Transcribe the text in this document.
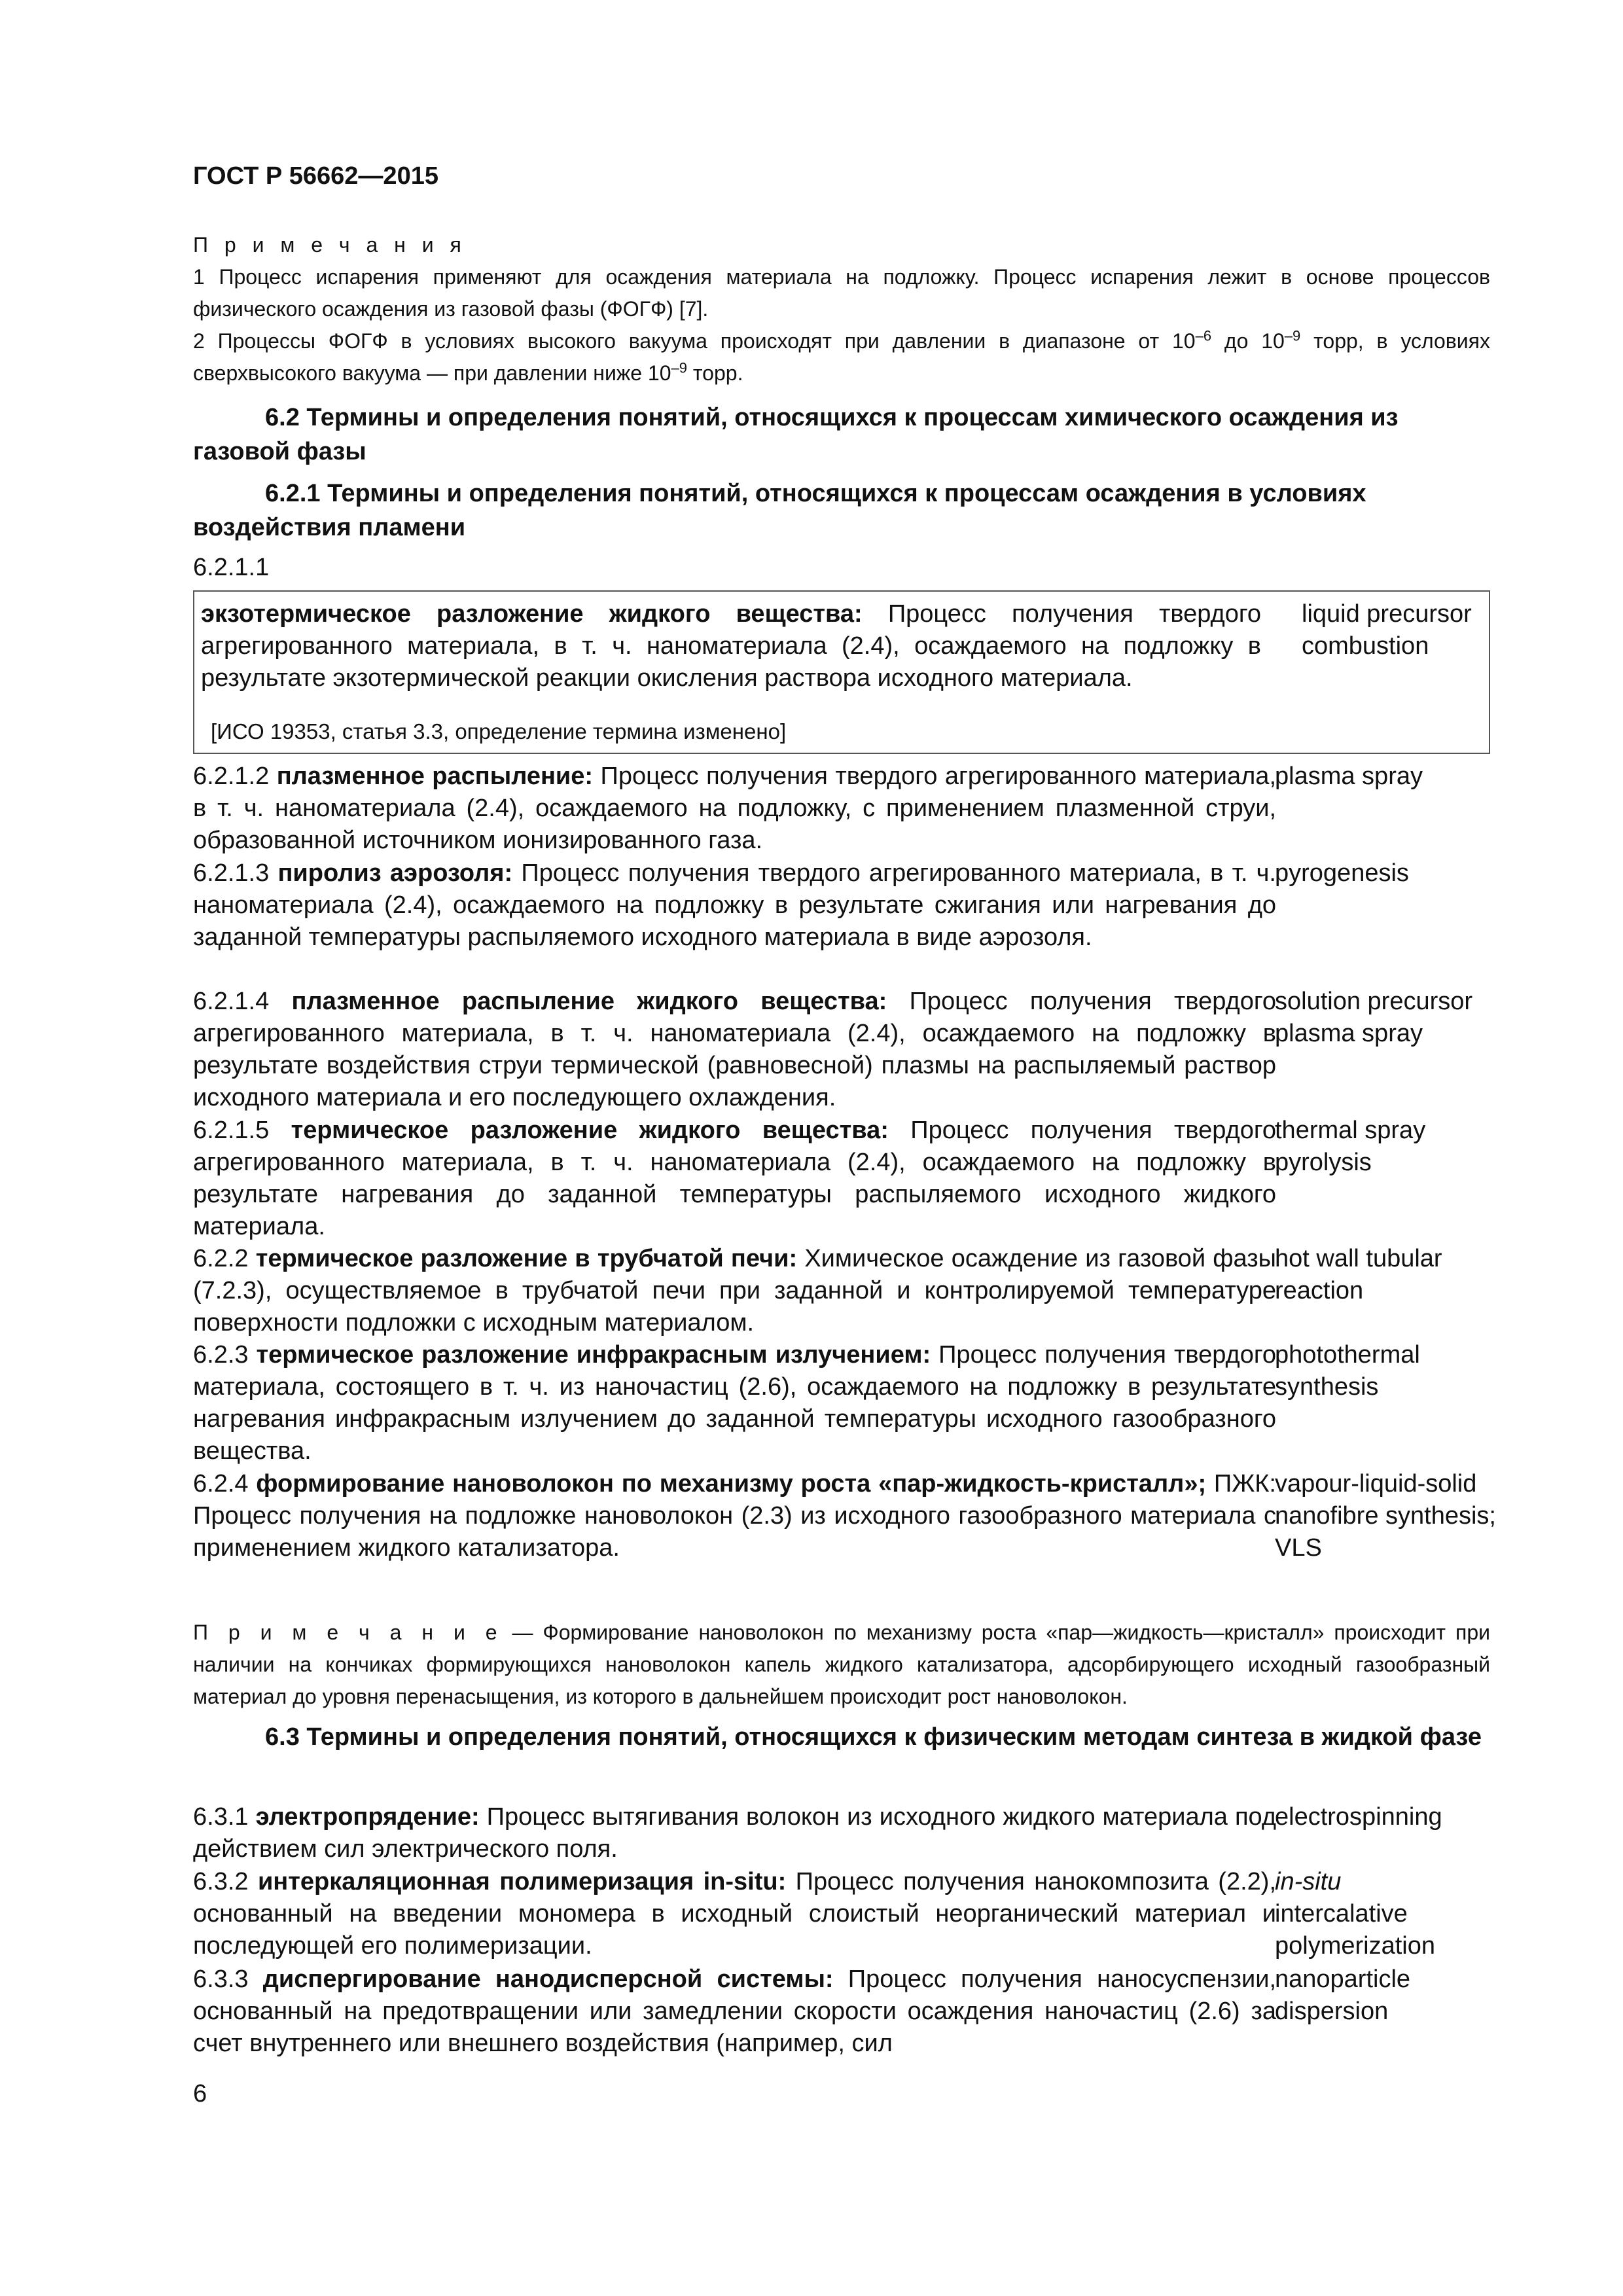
ГОСТ Р 56662—2015
П р и м е ч а н и я
1 Процесс испарения применяют для осаждения материала на подложку. Процесс испарения лежит в основе процессов физического осаждения из газовой фазы (ФОГФ) [7].
2 Процессы ФОГФ в условиях высокого вакуума происходят при давлении в диапазоне от $10^{-6}$ до $10^{-9}$ торр, в условиях сверхвысокого вакуума — при давлении ниже $10^{-9}$ торр.
6.2 Термины и определения понятий, относящихся к процессам химического осаждения из газовой фазы
6.2.1 Термины и определения понятий, относящихся к процессам осаждения в условиях воздействия пламени
6.2.1.1
экзотермическое разложение жидкого вещества: Процесс получения твердого агрегированного материала, в т. ч. наноматериала (2.4), осаждаемого на подложку в результате экзотермической реакции окисления раствора исходного материала.
liquid precursor combustion
[ИСО 19353, статья 3.3, определение термина изменено]
6.2.1.2 плазменное распыление: Процесс получения твердого агрегированного материала, в т. ч. наноматериала (2.4), осаждаемого на подложку, с применением плазменной струи, образованной источником ионизированного газа.
plasma spray
6.2.1.3 пиролиз аэрозоля: Процесс получения твердого агрегированного материала, в т. ч. наноматериала (2.4), осаждаемого на подложку в результате сжигания или нагревания до заданной температуры распыляемого исходного материала в виде аэрозоля.
pyrogenesis
6.2.1.4 плазменное распыление жидкого вещества: Процесс получения твердого агрегированного материала, в т. ч. наноматериала (2.4), осаждаемого на подложку в результате воздействия струи термической (равновесной) плазмы на распыляемый раствор исходного материала и его последующего охлаждения.
solution precursor plasma spray
6.2.1.5 термическое разложение жидкого вещества: Процесс получения твердого агрегированного материала, в т. ч. наноматериала (2.4), осаждаемого на подложку в результате нагревания до заданной температуры распыляемого исходного жидкого материала.
thermal spray pyrolysis
6.2.2 термическое разложение в трубчатой печи: Химическое осаждение из газовой фазы (7.2.3), осуществляемое в трубчатой печи при заданной и контролируемой температуре поверхности подложки с исходным материалом.
hot wall tubular reaction
6.2.3 термическое разложение инфракрасным излучением: Процесс получения твердого материала, состоящего в т. ч. из наночастиц (2.6), осаждаемого на подложку в результате нагревания инфракрасным излучением до заданной температуры исходного газообразного вещества.
photothermal synthesis
6.2.4 формирование нановолокон по механизму роста «пар-жидкость-кристалл»; ПЖК: Процесс получения на подложке нановолокон (2.3) из исходного газообразного материала с применением жидкого катализатора.
vapour-liquid-solid nanofibre synthesis; VLS
П р и м е ч а н и е — Формирование нановолокон по механизму роста «пар—жидкость—кристалл» происходит при наличии на кончиках формирующихся нановолокон капель жидкого катализатора, адсорбирующего исходный газообразный материал до уровня перенасыщения, из которого в дальнейшем происходит рост нановолокон.
6.3 Термины и определения понятий, относящихся к физическим методам синтеза в жидкой фазе
6.3.1 электропрядение: Процесс вытягивания волокон из исходного жидкого материала под действием сил электрического поля.
electrospinning
6.3.2 интеркаляционная полимеризация in-situ: Процесс получения нанокомпозита (2.2), основанный на введении мономера в исходный слоистый неорганический материал и последующей его полимеризации.
in-situ
intercalative polymerization
6.3.3 диспергирование нанодисперсной системы: Процесс получения наносуспензии, основанный на предотвращении или замедлении скорости осаждения наночастиц (2.6) за счет внутреннего или внешнего воздействия (например, сил
nanoparticle dispersion
6
